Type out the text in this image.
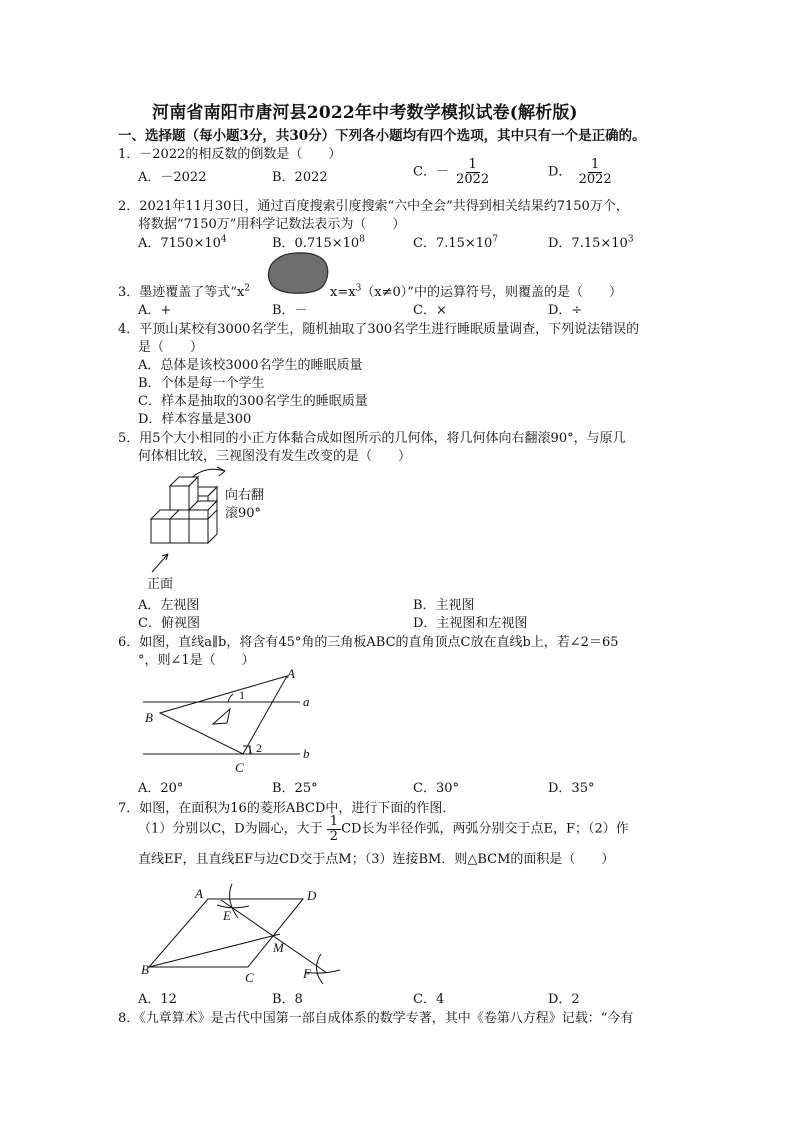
河南省南阳市唐河县2022年中考数学模拟试卷(解析版)
一、选择题（每小题3分，共30分）下列各小题均有四个选项，其中只有一个是正确的。
1．－2022的相反数的倒数是（　　）
A．－2022	B．2022	C．－ $\frac{1}{2022}$	D． $\frac{1}{2022}$
2．2021年11月30日，通过百度搜索引度搜索“六中全会”共得到相关结果约7150万个，
将数据“7150万”用科学记数法表示为（　　）
A．$7150\times 10^4$	B．$0.715\times 10^8$	C．$7.15\times 10^7$	D．$7.15\times 10^3$
3．墨迹覆盖了等式“$x^2$	$x=x^3(x\ne 0)$”中的运算符号，则覆盖的是（　　）
A．+	B．－	C．×	D．÷
4．平顶山某校有3000名学生，随机抽取了300名学生进行睡眠质量调查，下列说法错误的
是（　　）
A．总体是该校3000名学生的睡眠质量
B．个体是每一个学生
C．样本是抽取的300名学生的睡眠质量
D．样本容量是300
5．用5个大小相同的小正方体黏合成如图所示的几何体，将几何体向右翻滚90°，与原几
何体相比较，三视图没有发生改变的是（　　）
向右翻
滚90°
正面
A．左视图	B．主视图
C．俯视图	D．主视图和左视图
6．如图，直线a∥b，将含有45°角的三角板ABC的直角顶点C放在直线b上，若∠2＝65
°，则∠1是（　　）
A
B
C
a
b
1
2
A．20°	B．25°	C．30°	D．35°
7．如图，在面积为16的菱形ABCD中，进行下面的作图．
（1）分别以C，D为圆心，大于 $\frac{1}{2}$ CD长为半径作弧，两弧分别交于点E，F；（2）作
直线EF，且直线EF与边CD交于点M；（3）连接BM．则△BCM的面积是（　　）
A	D
B
C
E
F
M
A．12	B．8	C．4	D．2
8．《九章算术》是古代中国第一部自成体系的数学专著，其中《卷第八方程》记载：“今有
